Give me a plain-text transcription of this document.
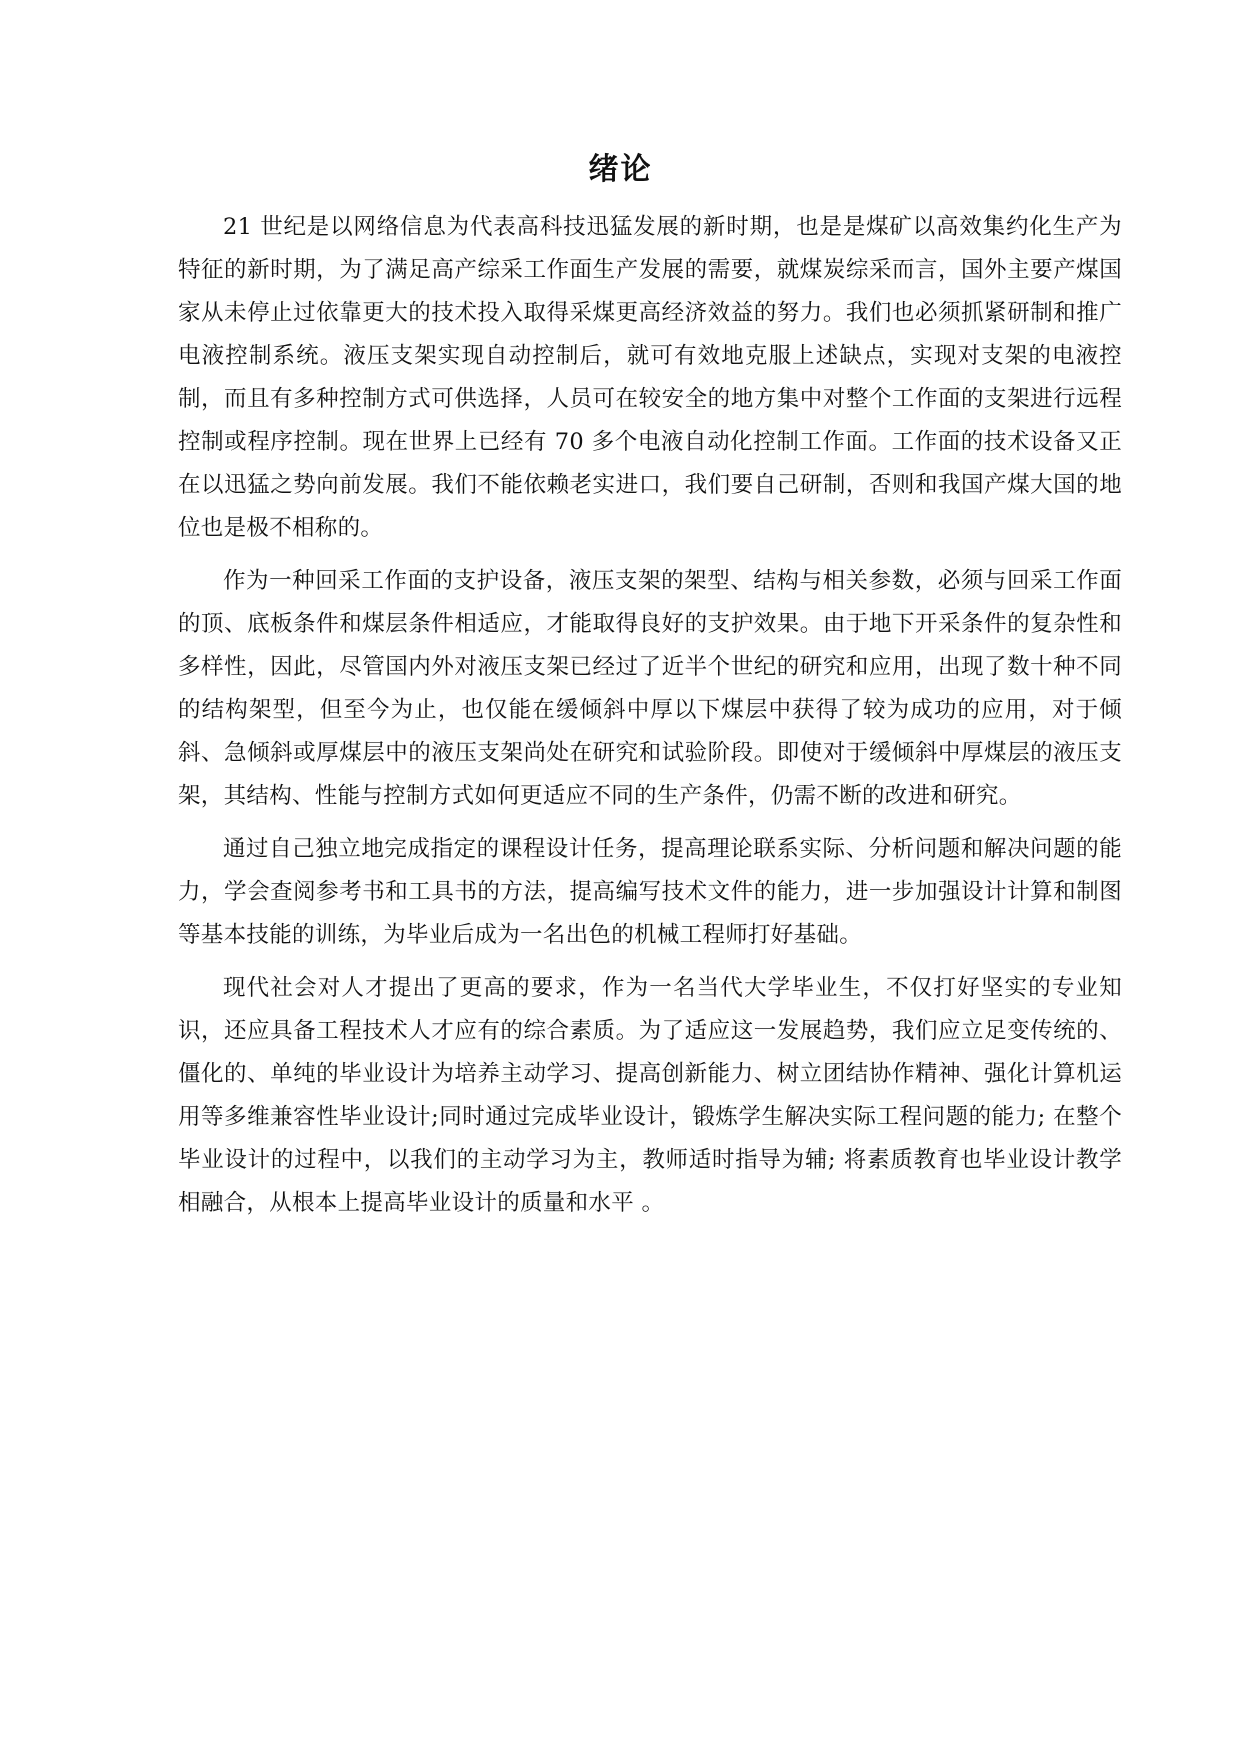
绪论

21 世纪是以网络信息为代表高科技迅猛发展的新时期，也是是煤矿以高效集约化生产为特征的新时期，为了满足高产综采工作面生产发展的需要，就煤炭综采而言，国外主要产煤国家从未停止过依靠更大的技术投入取得采煤更高经济效益的努力。我们也必须抓紧研制和推广电液控制系统。液压支架实现自动控制后，就可有效地克服上述缺点，实现对支架的电液控制，而且有多种控制方式可供选择，人员可在较安全的地方集中对整个工作面的支架进行远程控制或程序控制。现在世界上已经有 70 多个电液自动化控制工作面。工作面的技术设备又正在以迅猛之势向前发展。我们不能依赖老实进口，我们要自己研制，否则和我国产煤大国的地位也是极不相称的。

作为一种回采工作面的支护设备，液压支架的架型、结构与相关参数，必须与回采工作面的顶、底板条件和煤层条件相适应，才能取得良好的支护效果。由于地下开采条件的复杂性和多样性，因此，尽管国内外对液压支架已经过了近半个世纪的研究和应用，出现了数十种不同的结构架型，但至今为止，也仅能在缓倾斜中厚以下煤层中获得了较为成功的应用，对于倾斜、急倾斜或厚煤层中的液压支架尚处在研究和试验阶段。即使对于缓倾斜中厚煤层的液压支架，其结构、性能与控制方式如何更适应不同的生产条件，仍需不断的改进和研究。

通过自己独立地完成指定的课程设计任务，提高理论联系实际、分析问题和解决问题的能力，学会查阅参考书和工具书的方法，提高编写技术文件的能力，进一步加强设计计算和制图等基本技能的训练，为毕业后成为一名出色的机械工程师打好基础。

现代社会对人才提出了更高的要求，作为一名当代大学毕业生，不仅打好坚实的专业知识，还应具备工程技术人才应有的综合素质。为了适应这一发展趋势，我们应立足变传统的、僵化的、单纯的毕业设计为培养主动学习、提高创新能力、树立团结协作精神、强化计算机运用等多维兼容性毕业设计;同时通过完成毕业设计，锻炼学生解决实际工程问题的能力; 在整个毕业设计的过程中，以我们的主动学习为主，教师适时指导为辅; 将素质教育也毕业设计教学相融合，从根本上提高毕业设计的质量和水平 。
